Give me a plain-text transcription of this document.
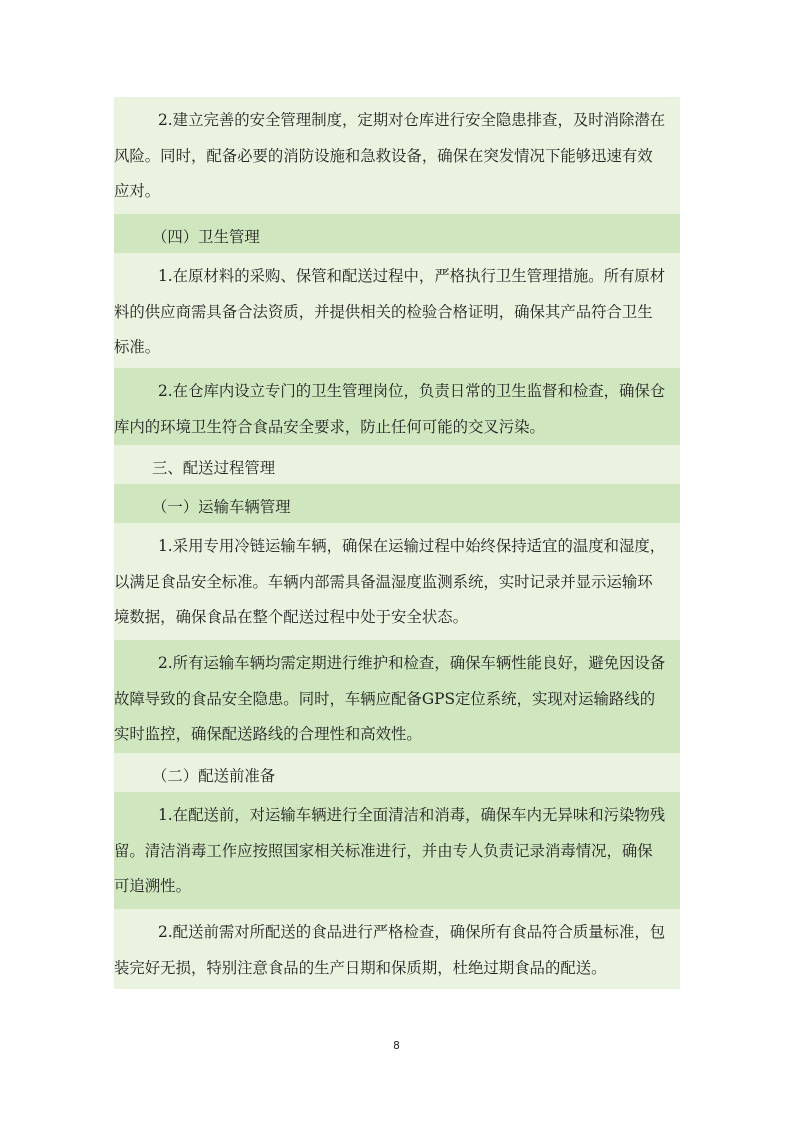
2.建立完善的安全管理制度，定期对仓库进行安全隐患排查，及时消除潜在
风险。同时，配备必要的消防设施和急救设备，确保在突发情况下能够迅速有效
应对。
（四）卫生管理
1.在原材料的采购、保管和配送过程中，严格执行卫生管理措施。所有原材
料的供应商需具备合法资质，并提供相关的检验合格证明，确保其产品符合卫生
标准。
2.在仓库内设立专门的卫生管理岗位，负责日常的卫生监督和检查，确保仓
库内的环境卫生符合食品安全要求，防止任何可能的交叉污染。
三、配送过程管理
（一）运输车辆管理
1.采用专用冷链运输车辆，确保在运输过程中始终保持适宜的温度和湿度，
以满足食品安全标准。车辆内部需具备温湿度监测系统，实时记录并显示运输环
境数据，确保食品在整个配送过程中处于安全状态。
2.所有运输车辆均需定期进行维护和检查，确保车辆性能良好，避免因设备
故障导致的食品安全隐患。同时，车辆应配备GPS定位系统，实现对运输路线的
实时监控，确保配送路线的合理性和高效性。
（二）配送前准备
1.在配送前，对运输车辆进行全面清洁和消毒，确保车内无异味和污染物残
留。清洁消毒工作应按照国家相关标准进行，并由专人负责记录消毒情况，确保
可追溯性。
2.配送前需对所配送的食品进行严格检查，确保所有食品符合质量标准，包
装完好无损，特别注意食品的生产日期和保质期，杜绝过期食品的配送。
8
